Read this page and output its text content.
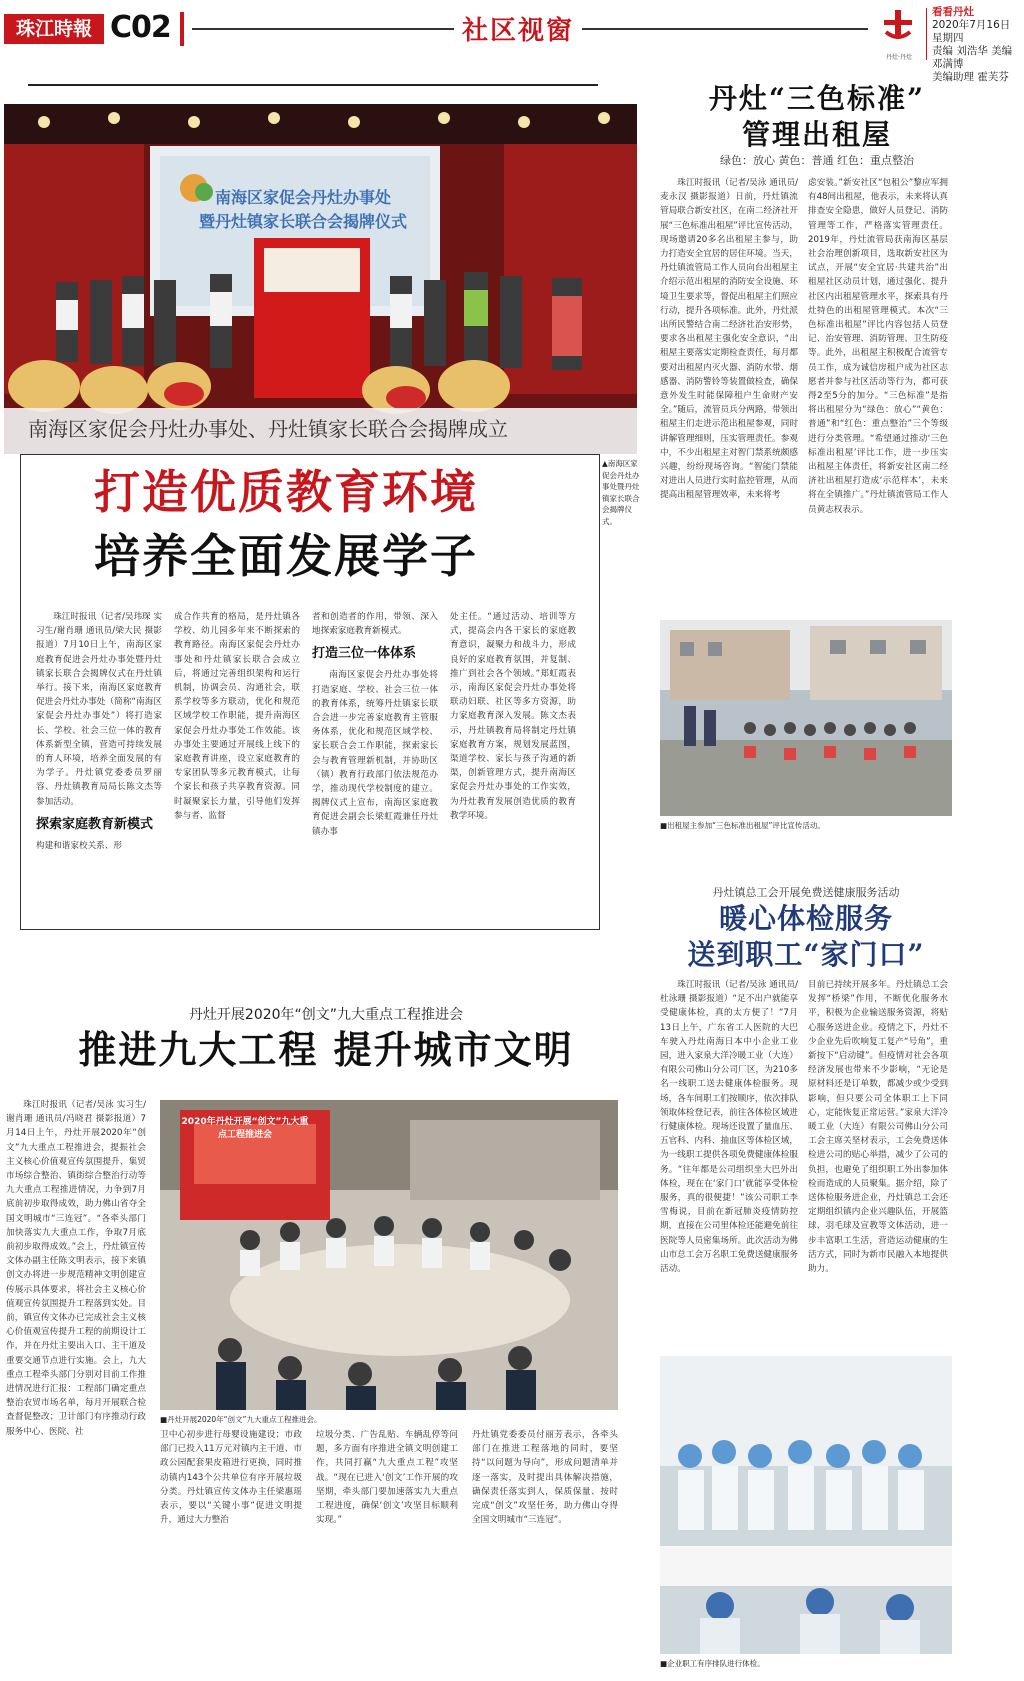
珠江時報 C02	社区视窗
丹灶·丹灶
看看丹灶
2020年7月16日 星期四
责编 刘浩华 美编 邓满博
美编助理 霍芙芬
南海区家促会丹灶办事处
暨丹灶镇家长联合会揭牌仪式
南海区家促会丹灶办事处、丹灶镇家长联合会揭牌成立
▲南海区家促会丹灶办事处暨丹灶镇家长联合会揭牌仪式。
打造优质教育环境
培养全面发展学子

珠江时报讯（记者/吴玮琛 实习生/谢肖珊 通讯员/梁大民 摄影报道）7月10日上午，南海区家庭教育促进会丹灶办事处暨丹灶镇家长联合会揭牌仪式在丹灶镇举行。接下来，南海区家庭教育促进会丹灶办事处（简称“南海区家促会丹灶办事处”）将打造家长、学校、社会三位一体的教育体系新型全镇，营造可持续发展的育人环境，培养全面发展的有为学子。丹灶镇党委委员罗丽容、丹灶镇教育局局长陈文杰等参加活动。

探索家庭教育新模式
构建和谐家校关系、形

成合作共育的格局，是丹灶镇各学校、幼儿园多年来不断探索的教育路径。南海区家促会丹灶办事处和丹灶镇家长联合会成立后，将通过完善组织架构和运行机制，协调会员、沟通社会，联系学校等多方联动，优化和规范区域学校工作职能，提升南海区家促会丹灶办事处工作效能。该办事处主要通过开展线上线下的家庭教育讲座，设立家庭教育的专家团队等多元教育模式，让每个家长和孩子共享教育资源。同时凝聚家长力量，引导他们发挥参与者、监督

者和创造者的作用，带领、深入地探索家庭教育新模式。

打造三位一体体系

南海区家促会丹灶办事处将打造家庭、学校、社会三位一体的教育体系，统筹丹灶镇家长联合会进一步完善家庭教育主管服务体系，优化和规范区域学校、家长联合会工作职能，探索家长会与教育管理新机制，并协助区（镇）教育行政部门依法规范办学，推动现代学校制度的建立。揭牌仪式上宣布，南海区家庭教育促进会副会长梁虹霞兼任丹灶镇办事

处主任。“通过活动、培训等方式，提高会内各干家长的家庭教育意识，凝聚力和战斗力，形成良好的家庭教育氛围，并复制、推广到社会各个领域。”郑虹霞表示，南海区家促会丹灶办事处将联动妇联、社区等多方资源，助力家庭教育深入发展。陈文杰表示，丹灶镇教育局将制定丹灶镇家庭教育方案，规划发展蓝图，渠道学校、家长与孩子沟通的新渠，创新管理方式，提升南海区家促会丹灶办事处的工作实效，为丹灶教育发展创造优质的教育教学环境。

丹灶“三色标准”
管理出租屋
绿色：放心 黄色：普通 红色：重点整治

珠江时报讯（记者/吴泳 通讯员/麦永汉 摄影报道）日前，丹灶镇流管局联合新安社区，在南二经济社开展“三色标准出租屋”评比宣传活动，现场邀请20多名出租屋主参与，助力打造安全宜居的居住环境。当天，丹灶镇流管局工作人员向台出租屋主介绍示范出租屋的消防安全设施、环境卫生要求等，督促出租屋主们照应行动，提升各项标准。此外，丹灶派出所民警结合南二经济社治安形势，要求各出租屋主强化安全意识，“出租屋主要落实定期检查责任，每月都要对出租屋内灭火器、消防水带、烟感器、消防警铃等装置做检查，确保意外发生时能保障租户生命财产安全。”随后，流管员兵分两路，带领出租屋主们走进示范出租屋参观，同时讲解管理细则，压实管理责任。参观中，不少出租屋主对智门禁系统颇感兴趣，纷纷现场咨询。“智能门禁能对进出人员进行实时监控管理，从而提高出租屋管理效率，未来将考

虑安装。”新安社区“包租公”黎应军拥有48间出租屋，他表示，未来将认真排查安全隐患，做好人员登记、消防管理等工作，严格落实管理责任。2019年，丹灶流管局获南海区基层社会治理创新项目，选取新安社区为试点，开展“安全宜居·共建共治”出租屋社区动员计划，通过强化、提升社区内出租屋管理水平，探索具有丹灶特色的出租屋管理模式。本次“三色标准出租屋”评比内容包括人员登记、治安管理、消防管理、卫生防疫等。此外，出租屋主积极配合流管专员工作，成为诚信房租户成为社区志愿者并参与社区活动等行为，都可获得2至5分的加分。“三色标准”是指将出租屋分为“绿色：放心”“黄色：普通”和“红色：重点整治”三个等级进行分类管理。“希望通过推动‘三色标准出租屋’评比工作，进一步压实出租屋主体责任，将新安社区南二经济社出租屋打造成‘示范样本’，未来将在全镇推广。”丹灶镇流管局工作人员黄志权表示。

■出租屋主参加“三色标准出租屋”评比宣传活动。
丹灶镇总工会开展免费送健康服务活动
暖心体检服务
送到职工“家门口”

珠江时报讯（记者/吴泳 通讯员/杜泳珊 摄影报道）“足不出户就能享受健康体检，真的太方便了！”7月13日上午，广东省工人医院的大巴车驶入丹灶南海日本中小企业工业园，进入家泉大洋冷暖工业（大连）有限公司佛山分公司厂区，为210多名一线职工送去健康体检服务。现场，各车间职工们按顺序，依次排队领取体检登记表，前往各体检区域进行健康体检。现场还设置了量血压、五官科、内科、抽血区等体检区域，为一线职工提供各项免费健康体检服务。“往年都是公司组织坐大巴外出体检，现在在‘家门口’就能享受体检服务，真的很便捷！”该公司职工李雪梅说，目前在新冠肺炎疫情防控期，直接在公司里体检还能避免前往医院等人员密集场所。此次活动为佛山市总工会万名职工免费送健康服务活动。

目前已持续开展多年。丹灶镇总工会发挥“桥梁”作用，不断优化服务水平，积极为企业输送服务资源，将贴心服务送进企业。疫情之下，丹灶不少企业先后吹响复工复产“号角”，重新按下“启动键”。但疫情对社会各项经济发展也带来不少影响，“无论是原材料还是订单数，都减少或少受到影响，但只要公司全体职工上下同心，定能恢复正常运营。”家泉大洋冷暖工业（大连）有限公司佛山分公司工会主席关坚材表示，工会免费送体检进公司的贴心举措，减少了公司的负担，也避免了组织职工外出参加体检而造成的人员聚集。据介绍，除了送体检服务进企业，丹灶镇总工会还定期组织镇内企业兴趣队伍，开展篮球、羽毛球及宣教等文体活动，进一步丰富职工生活，营造运动健康的生活方式，同时为新市民融入本地提供助力。

■企业职工有序排队进行体检。
丹灶开展2020年“创文”九大重点工程推进会
推进九大工程 提升城市文明

珠江时报讯（记者/吴泳 实习生/谢肖珊 通讯员/冯晓君 摄影报道）7月14日上午，丹灶开展2020年“创文”九大重点工程推进会，提振社会主义核心价值观宣传氛围提升、集贸市场综合整治、镇街综合整治行动等九大重点工程推进情况，力争到7月底前初步取得成效，助力佛山省夺全国文明城市“三连冠”。“各牵头部门加快落实九大重点工作，争取7月底前初步取得成效。”会上，丹灶镇宣传文体办副主任陈文明表示，接下来镇创文办将进一步规范精神文明创建宣传展示具体要求，将社会主义核心价值观宣传氛围提升工程落到实处。目前，镇宣传文体办已完成社会主义核心价值观宣传提升工程的前期设计工作，并在丹灶主要出入口、主干道及重要交通节点进行实施。会上，九大重点工程牵头部门分别对目前工作推进情况进行汇报：工程部门确定重点整治农贸市场名单，每月开展联合检查督促整改；卫计部门有序推动行政服务中心、医院、社

2020年丹灶开展“创文”九大重点工程推进会
■丹灶开展2020年“创文”九大重点工程推进会。

卫中心初步进行母婴设施建设；市政部门已投入11万元对镇内主干道、市政公园配套果皮箱进行更换，同时推动镇内143个公共单位有序开展垃圾分类。丹灶镇宣传文体办主任梁惠瑶表示，要以“关键小事”促进文明提升，通过大力整治

垃圾分类、广告乱贴、车辆乱停等问题，多方面有序推进全镇文明创建工作，共同打赢“九大重点工程”攻坚战。“现在已进入‘创文’工作开展的攻坚期，牵头部门要加速落实九大重点工程进度，确保‘创文’攻坚目标顺利实现。”

丹灶镇党委委员付丽芳表示，各牵头部门在推进工程落地的同时，要坚持“以问题为导向”，形成问题清单并逐一落实，及时提出具体解决措施，确保责任落实到人，保质保量、按时完成“创文”攻坚任务，助力佛山夺得全国文明城市“三连冠”。
